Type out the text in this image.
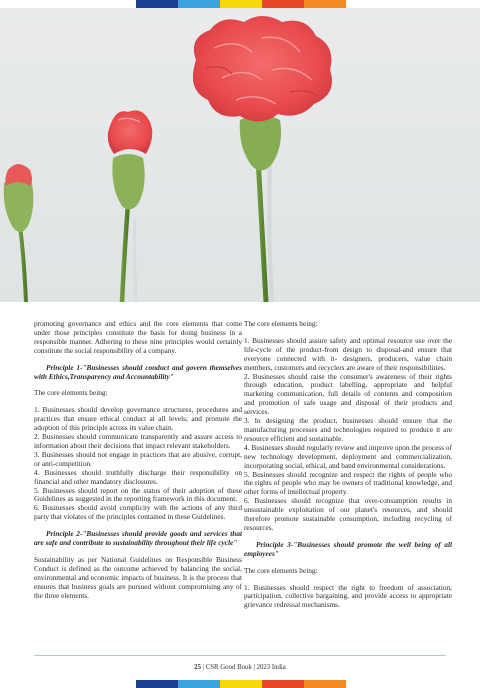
promoting governance and ethics and the core elements that come under those principles constitute the basis for doing business in a responsible manner. Adhering to these nine principles would certainly constitute the social responsibility of a company.

Principle 1-"Businesses should conduct and govern themselves with Ethics,Transparency and Accountability"

The core elements being:

1. Businesses should develop governance structures, procedures and practices that ensure ethical conduct at all levels; and promote the adoption of this principle across its value chain.
2. Businesses should communicate transparently and assure access to information about their decisions that impact relevant stakeholders.
3. Businesses should not engage in practices that are abusive, corrupt, or anti-competition.
4. Businesses should truthfully discharge their responsibility on financial and other mandatory disclosures.
5. Businesses should report on the status of their adoption of these Guidelines as suggested in the reporting framework in this document.
6. Businesses should avoid complicity with the actions of any third party that violates of the principles contained in these Guidelines.

Principle 2-"Businesses should provide goods and services that are safe and contribute to sustainability throughout their life cycle"

Sustainability as per National Guidelines on Responsible Business Conduct is defined as the outcome achieved by balancing the social, environmental and economic impacts of business. It is the process that ensures that business goals are pursued without compromising any of the three elements.

The core elements being:

1. Businesses should assure safety and optimal resource use over the life-cycle of the product-from design to disposal-and ensure that everyone connected with it- designers, producers, value chain members, customers and recyclers are aware of their responsibilities.
2. Businesses should raise the consumer's awareness of their rights through education, product labelling, appropriate and helpful marketing communication, full details of contents and composition and promotion of safe usage and disposal of their products and services.
3. In designing the product, businesses should ensure that the manufacturing processes and technologies required to produce it are resource efficient and sustainable.
4. Businesses should regularly review and improve upon the process of new technology development, deployment and commercialization, incorporating social, ethical, and band environmental considerations.
5. Businesses should recognize and respect the rights of people who the rights of people who may be owners of traditional knowledge, and other forms of intellectual property.
6. Businesses should recognize that over-consumption results in unsustainable exploitation of our planet's resources, and should therefore promote sustainable consumption, including recycling of resources.

Principle 3-"Businesses should promote the well being of all employees"

The core elements being:

1. Businesses should respect the right to freedom of association, participation, collective bargaining, and provide access to appropriate grievance redressal mechanisms.
25 | CSR Good Book | 2023 India
